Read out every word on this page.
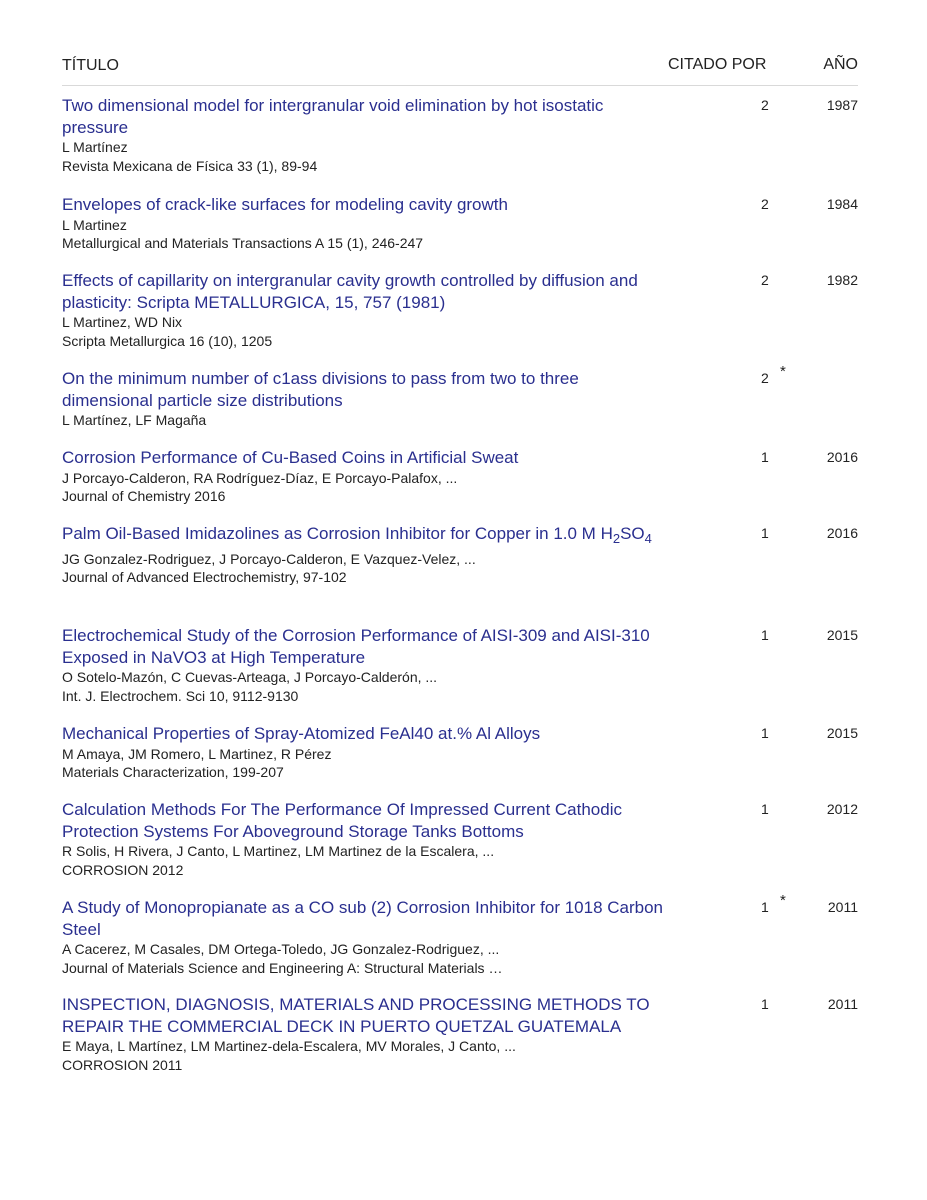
TÍTULO	CITADO POR	AÑO
Two dimensional model for intergranular void elimination by hot isostatic pressure
L Martínez
Revista Mexicana de Física 33 (1), 89-94
2	1987
Envelopes of crack-like surfaces for modeling cavity growth
L Martinez
Metallurgical and Materials Transactions A 15 (1), 246-247
2	1984
Effects of capillarity on intergranular cavity growth controlled by diffusion and plasticity: Scripta METALLURGICA, 15, 757 (1981)
L Martinez, WD Nix
Scripta Metallurgica 16 (10), 1205
2	1982
On the minimum number of c1ass divisions to pass from two to three dimensional particle size distributions
L Martínez, LF Magaña
2 *
Corrosion Performance of Cu-Based Coins in Artificial Sweat
J Porcayo-Calderon, RA Rodríguez-Díaz, E Porcayo-Palafox, ...
Journal of Chemistry 2016
1	2016
Palm Oil-Based Imidazolines as Corrosion Inhibitor for Copper in 1.0 M $H_2SO_4$
JG Gonzalez-Rodriguez, J Porcayo-Calderon, E Vazquez-Velez, ...
Journal of Advanced Electrochemistry, 97-102
1	2016
Electrochemical Study of the Corrosion Performance of AISI-309 and AISI-310 Exposed in NaVO3 at High Temperature
O Sotelo-Mazón, C Cuevas-Arteaga, J Porcayo-Calderón, ...
Int. J. Electrochem. Sci 10, 9112-9130
1	2015
Mechanical Properties of Spray-Atomized FeAl40 at.% Al Alloys
M Amaya, JM Romero, L Martinez, R Pérez
Materials Characterization, 199-207
1	2015
Calculation Methods For The Performance Of Impressed Current Cathodic Protection Systems For Aboveground Storage Tanks Bottoms
R Solis, H Rivera, J Canto, L Martinez, LM Martinez de la Escalera, ...
CORROSION 2012
1	2012
A Study of Monopropianate as a CO sub (2) Corrosion Inhibitor for 1018 Carbon Steel
A Cacerez, M Casales, DM Ortega-Toledo, JG Gonzalez-Rodriguez, ...
Journal of Materials Science and Engineering A: Structural Materials …
1 *	2011
INSPECTION, DIAGNOSIS, MATERIALS AND PROCESSING METHODS TO REPAIR THE COMMERCIAL DECK IN PUERTO QUETZAL GUATEMALA
E Maya, L Martínez, LM Martinez-dela-Escalera, MV Morales, J Canto, ...
CORROSION 2011
1	2011
